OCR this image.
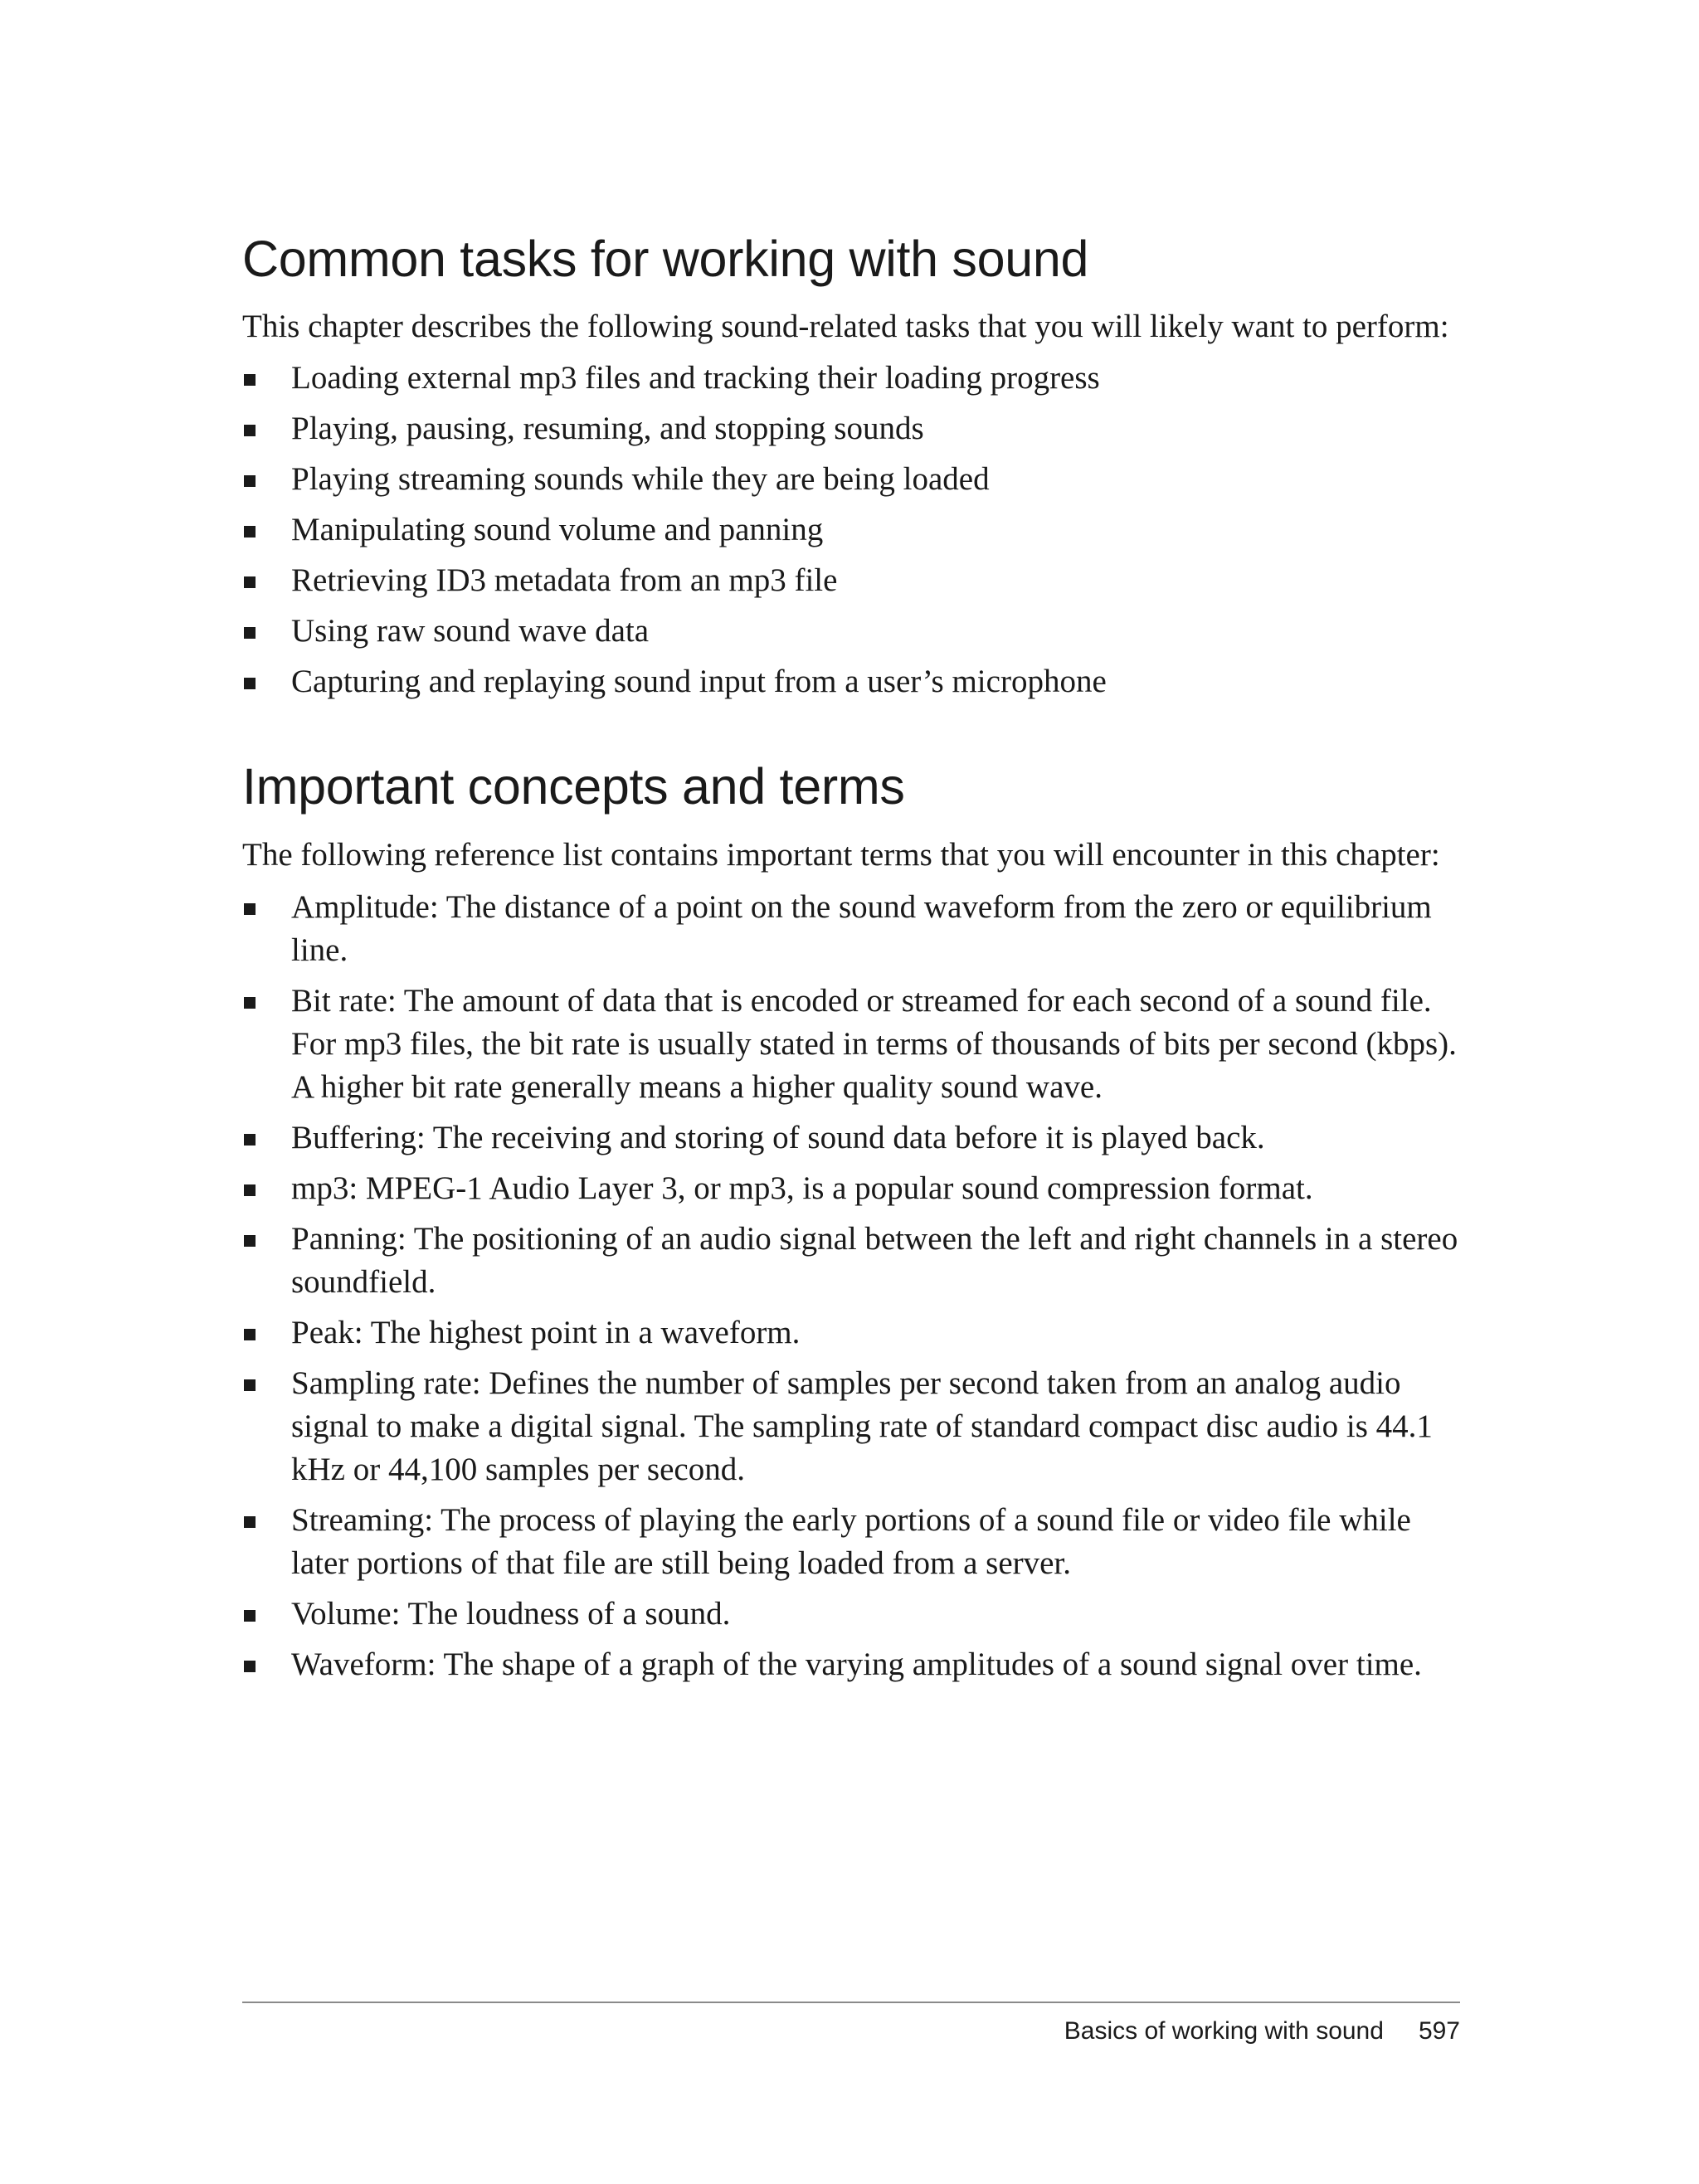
Common tasks for working with sound

This chapter describes the following sound-related tasks that you will likely want to perform:

Loading external mp3 files and tracking their loading progress
Playing, pausing, resuming, and stopping sounds
Playing streaming sounds while they are being loaded
Manipulating sound volume and panning
Retrieving ID3 metadata from an mp3 file
Using raw sound wave data
Capturing and replaying sound input from a user’s microphone
Important concepts and terms

The following reference list contains important terms that you will encounter in this chapter:

Amplitude: The distance of a point on the sound waveform from the zero or equilibrium line.
Bit rate: The amount of data that is encoded or streamed for each second of a sound file. For mp3 files, the bit rate is usually stated in terms of thousands of bits per second (kbps). A higher bit rate generally means a higher quality sound wave.
Buffering: The receiving and storing of sound data before it is played back.
mp3: MPEG-1 Audio Layer 3, or mp3, is a popular sound compression format.
Panning: The positioning of an audio signal between the left and right channels in a stereo soundfield.
Peak: The highest point in a waveform.
Sampling rate: Defines the number of samples per second taken from an analog audio signal to make a digital signal. The sampling rate of standard compact disc audio is 44.1 kHz or 44,100 samples per second.
Streaming: The process of playing the early portions of a sound file or video file while later portions of that file are still being loaded from a server.
Volume: The loudness of a sound.
Waveform: The shape of a graph of the varying amplitudes of a sound signal over time.
Basics of working with sound 597
